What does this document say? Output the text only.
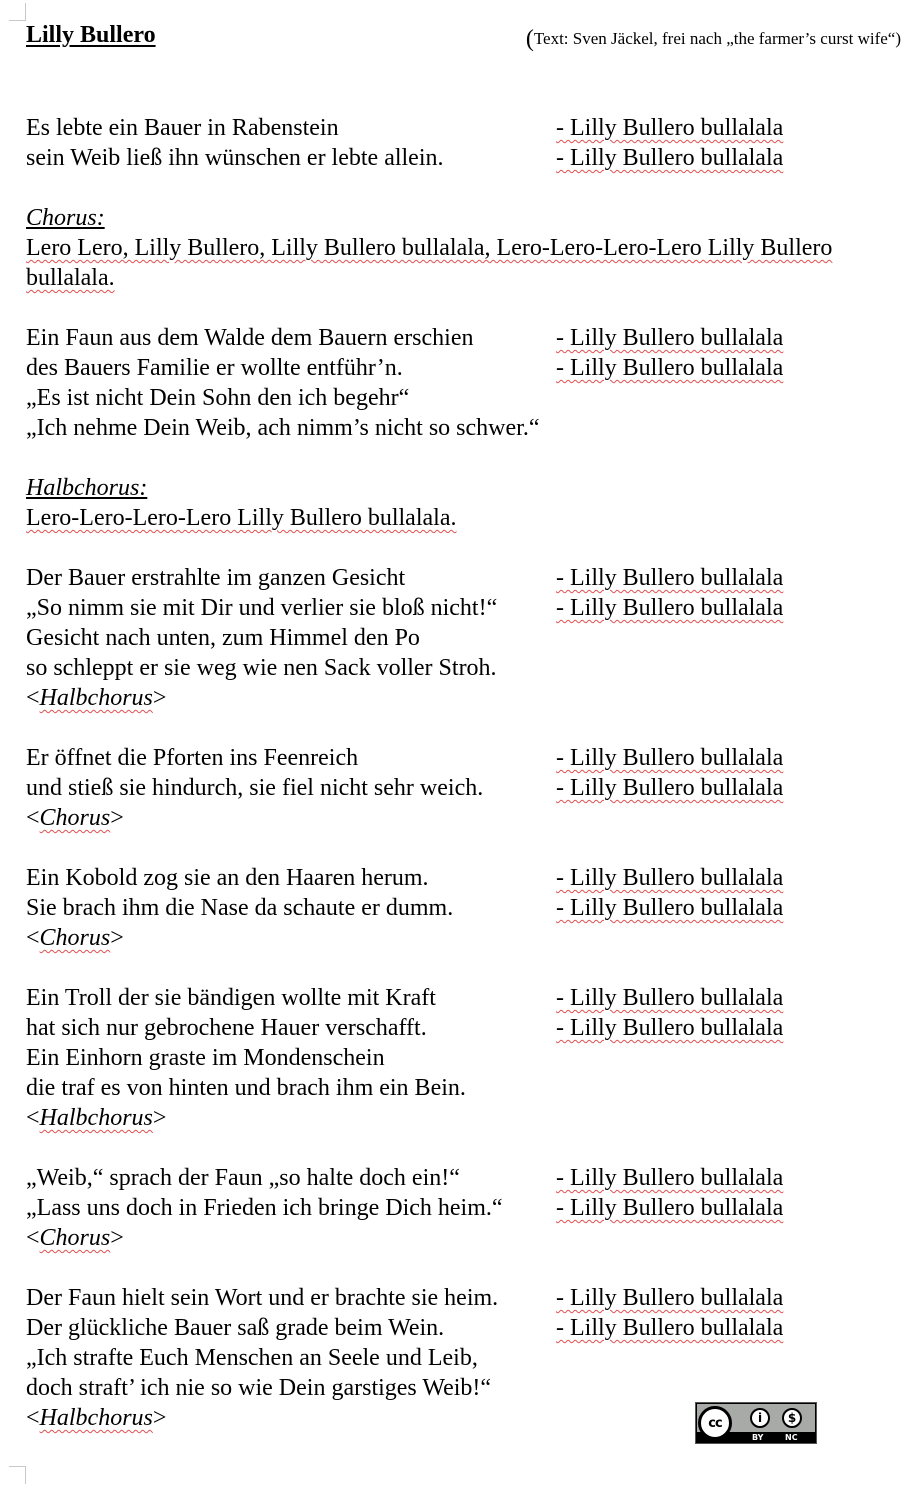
Lilly Bullero	(Text: Sven Jäckel, frei nach „the farmer’s curst wife“)
Es lebte ein Bauer in Rabenstein	- Lilly Bullero bullalala
sein Weib ließ ihn wünschen er lebte allein.	- Lilly Bullero bullalala
Chorus:
Lero Lero, Lilly Bullero, Lilly Bullero bullalala, Lero-Lero-Lero-Lero Lilly Bullero bullalala.
Ein Faun aus dem Walde dem Bauern erschien	- Lilly Bullero bullalala
des Bauers Familie er wollte entführ’n.	- Lilly Bullero bullalala
„Es ist nicht Dein Sohn den ich begehr“
„Ich nehme Dein Weib, ach nimm’s nicht so schwer.“
Halbchorus:
Lero-Lero-Lero-Lero Lilly Bullero bullalala.
Der Bauer erstrahlte im ganzen Gesicht	- Lilly Bullero bullalala
„So nimm sie mit Dir und verlier sie bloß nicht!“ - Lilly Bullero bullalala
Gesicht nach unten, zum Himmel den Po
so schleppt er sie weg wie nen Sack voller Stroh.
<Halbchorus>
Er öffnet die Pforten ins Feenreich	- Lilly Bullero bullalala
und stieß sie hindurch, sie fiel nicht sehr weich.	- Lilly Bullero bullalala
<Chorus>
Ein Kobold zog sie an den Haaren herum.	- Lilly Bullero bullalala
Sie brach ihm die Nase da schaute er dumm.	- Lilly Bullero bullalala
<Chorus>
Ein Troll der sie bändigen wollte mit Kraft	- Lilly Bullero bullalala
hat sich nur gebrochene Hauer verschafft.	- Lilly Bullero bullalala
Ein Einhorn graste im Mondenschein
die traf es von hinten und brach ihm ein Bein.
<Halbchorus>
„Weib,“ sprach der Faun „so halte doch ein!“	- Lilly Bullero bullalala
„Lass uns doch in Frieden ich bringe Dich heim.“ - Lilly Bullero bullalala
<Chorus>
Der Faun hielt sein Wort und er brachte sie heim. - Lilly Bullero bullalala
Der glückliche Bauer saß grade beim Wein.	- Lilly Bullero bullalala
„Ich strafte Euch Menschen an Seele und Leib,
doch straft’ ich nie so wie Dein garstiges Weib!“
<Halbchorus>	cc	i	$
BY	NC
